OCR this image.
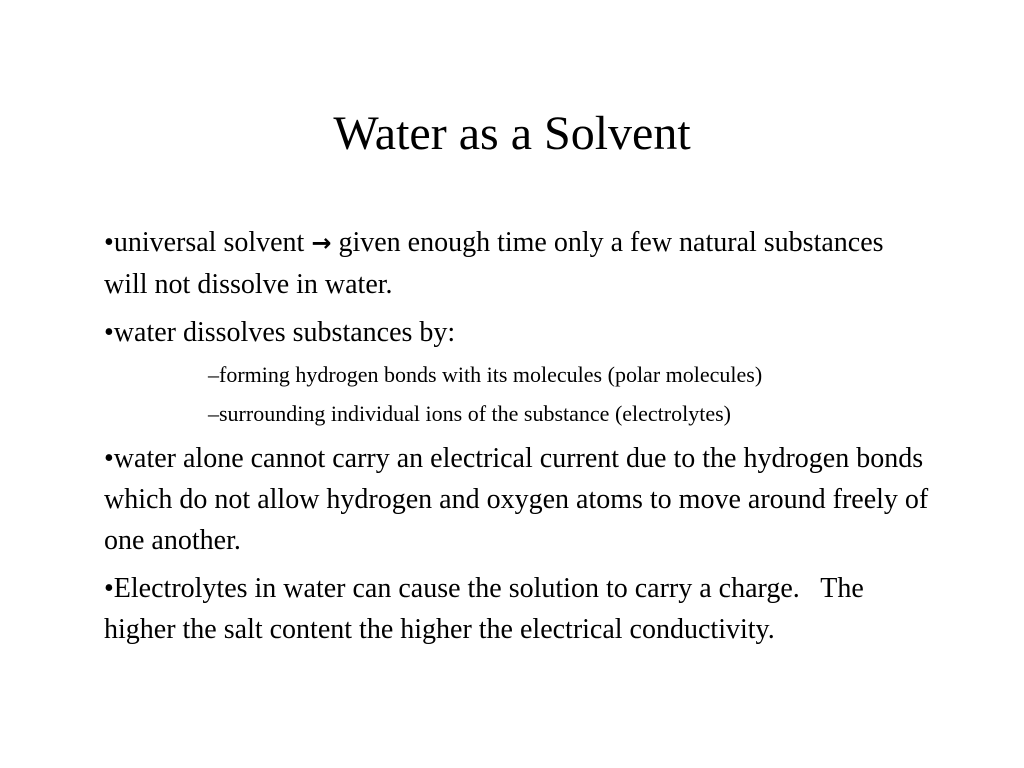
Water as a Solvent

•universal solvent → given enough time only a few natural substances will not dissolve in water.

•water dissolves substances by:

–forming hydrogen bonds with its molecules (polar molecules)

–surrounding individual ions of the substance (electrolytes)

•water alone cannot carry an electrical current due to the hydrogen bonds which do not allow hydrogen and oxygen atoms to move around freely of one another.

•Electrolytes in water can cause the solution to carry a charge.   The higher the salt content the higher the electrical conductivity.
